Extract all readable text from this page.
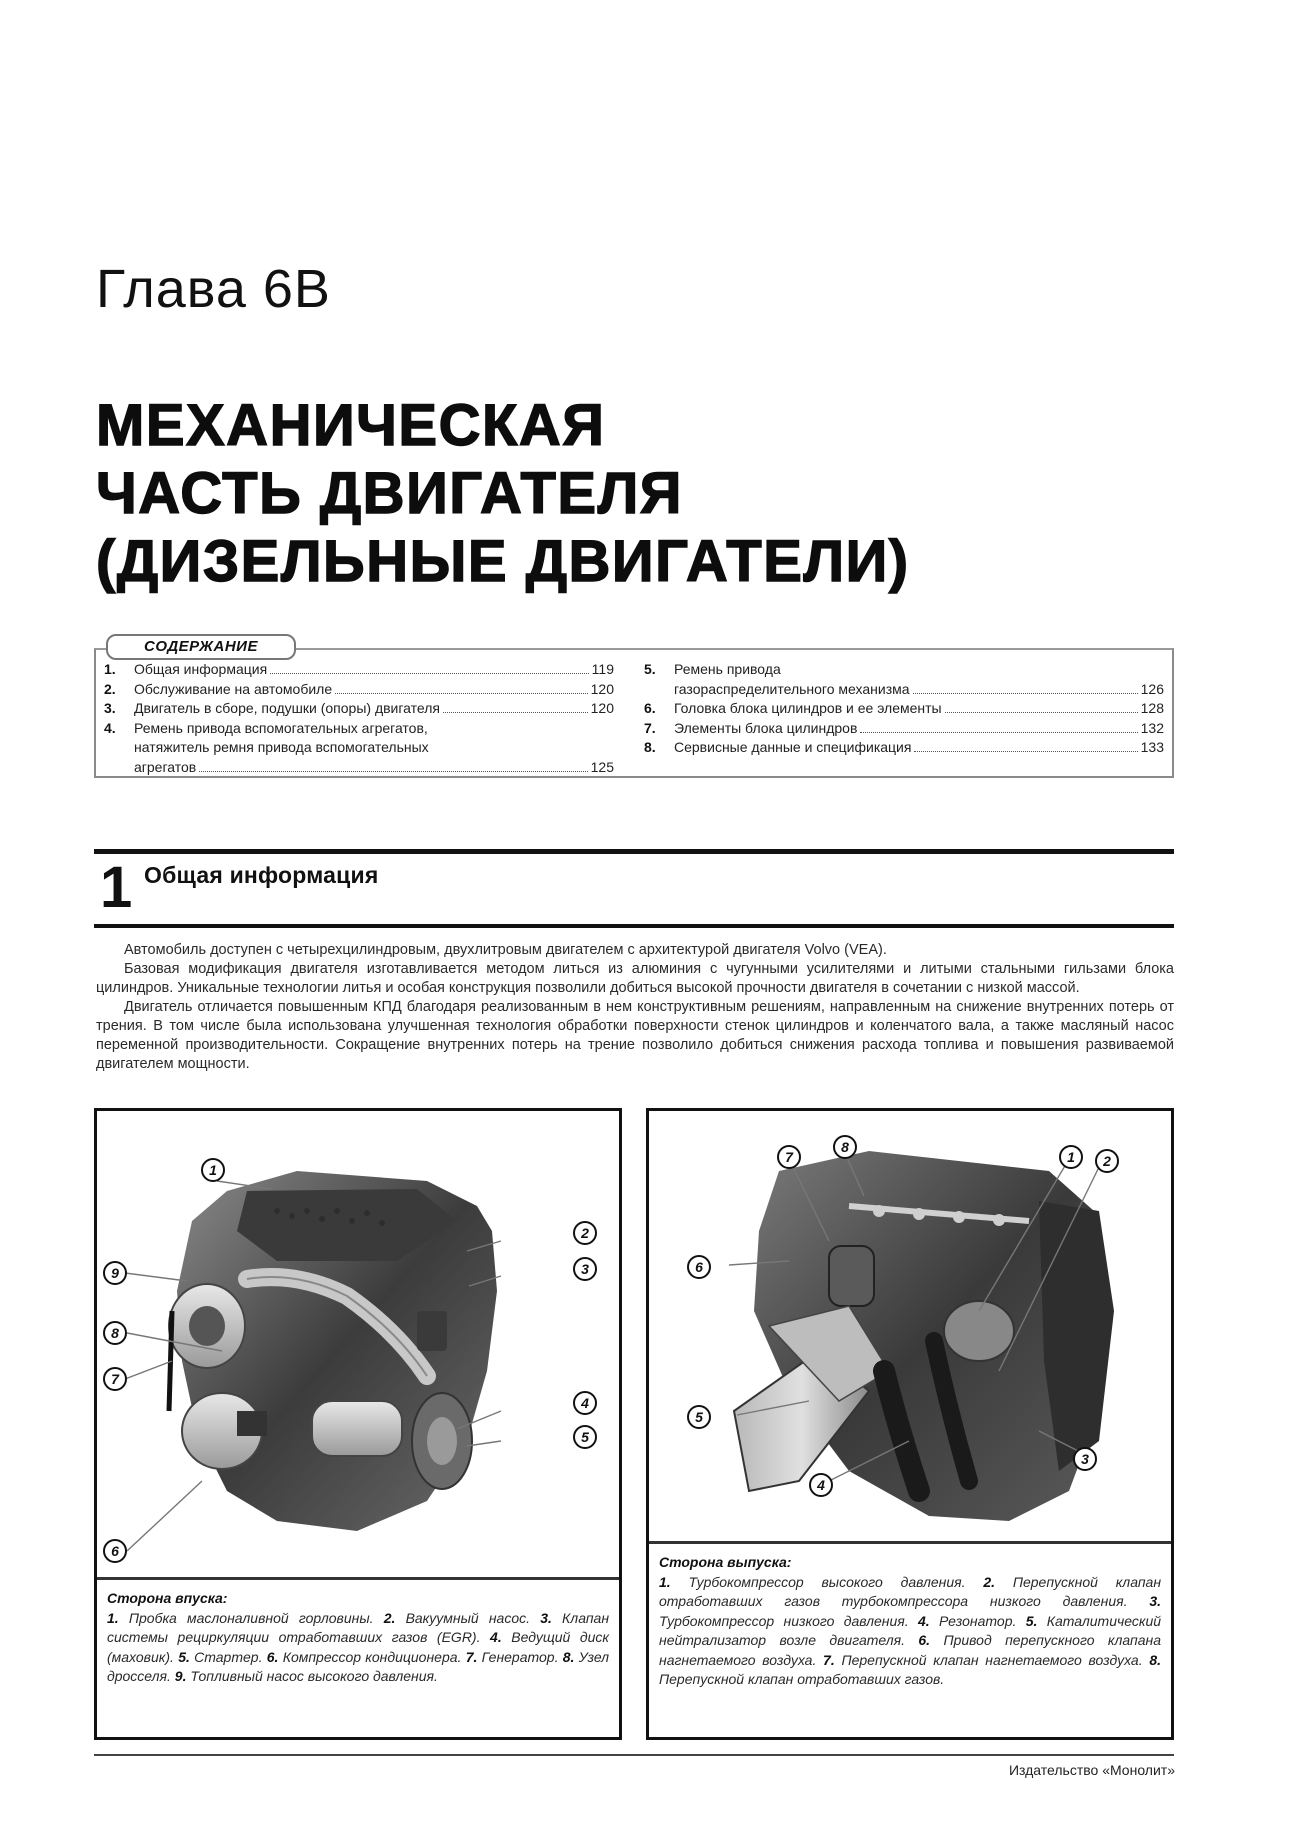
Глава 6В
МЕХАНИЧЕСКАЯ
ЧАСТЬ ДВИГАТЕЛЯ
(ДИЗЕЛЬНЫЕ ДВИГАТЕЛИ)
СОДЕРЖАНИЕ
1.	Общая информация	119
2.	Обслуживание на автомобиле	120
3.	Двигатель в сборе, подушки (опоры) двигателя	120
4.	Ремень привода вспомогательных агрегатов,
натяжитель ремня привода вспомогательных
агрегатов	125
5.	Ремень привода
газораспределительного механизма	126
6.	Головка блока цилиндров и ее элементы	128
7.	Элементы блока цилиндров	132
8.	Сервисные данные и спецификация	133
1 Общая информация

Автомобиль доступен с четырехцилиндровым, двухлитровым двигателем с архитектурой двигателя Volvo (VEA).

Базовая модификация двигателя изготавливается методом литься из алюминия с чугунными усилителями и литыми стальными гильзами блока цилиндров. Уникальные технологии литья и особая конструкция позволили добиться высокой прочности двигателя в сочетании с низкой массой.

Двигатель отличается повышенным КПД благодаря реализованным в нем конструктивным решениям, направленным на снижение внутренних потерь от трения. В том числе была использована улучшенная технология обработки поверхности стенок цилиндров и коленчатого вала, а также масляный насос переменной производительности. Сокращение внутренних потерь на трение позволило добиться снижения расхода топлива и повышения развиваемой двигателем мощности.

1
2
3
4
5
6
7
8
9
Сторона впуска:
1. Пробка маслоналивной горловины. 2. Вакуумный насос. 3. Клапан системы рециркуляции отработавших газов (EGR). 4. Ведущий диск (маховик). 5. Стартер. 6. Компрессор кондиционера. 7. Генератор. 8. Узел дросселя. 9. Топливный насос высокого давления.
7
8
1	2
6
5
4
3
Сторона выпуска:
1. Турбокомпрессор высокого давления. 2. Перепускной клапан отработавших газов турбокомпрессора низкого давления. 3. Турбокомпрессор низкого давления. 4. Резонатор. 5. Каталитический нейтрализатор возле двигателя. 6. Привод перепускного клапана нагнетаемого воздуха. 7. Перепускной клапан нагнетаемого воздуха. 8. Перепускной клапан отработавших газов.
Издательство «Монолит»
